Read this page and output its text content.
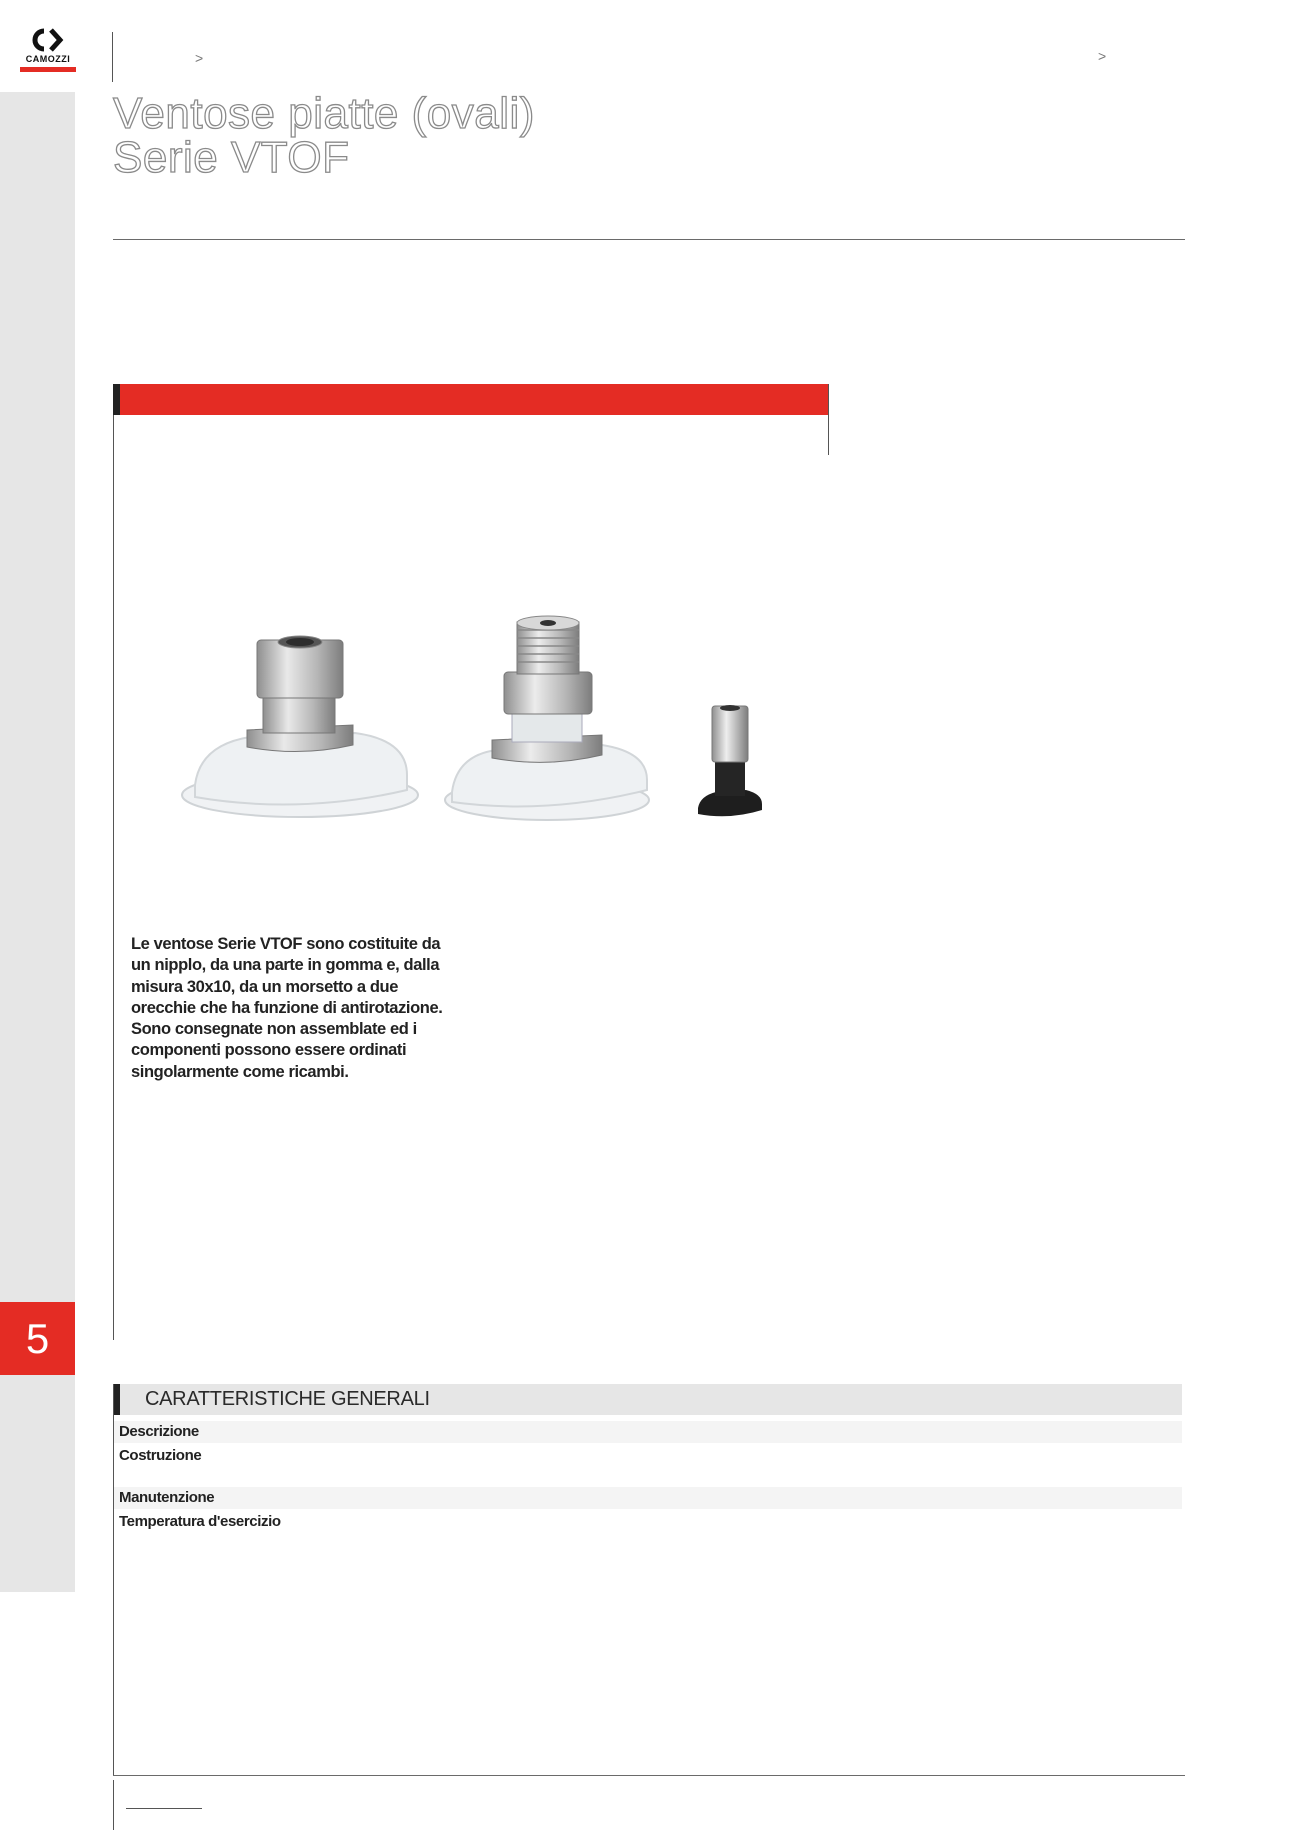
CAMOZZI	>	>
5
Ventose piatte (ovali)
Serie VTOF
Le ventose Serie VTOF sono costituite da un nipplo, da una parte in gomma e, dalla misura 30x10, da un morsetto a due orecchie che ha funzione di antirotazione. Sono consegnate non assemblate ed i componenti possono essere ordinati singolarmente come ricambi.
CARATTERISTICHE GENERALI
Descrizione
Costruzione
Manutenzione
Temperatura d'esercizio
